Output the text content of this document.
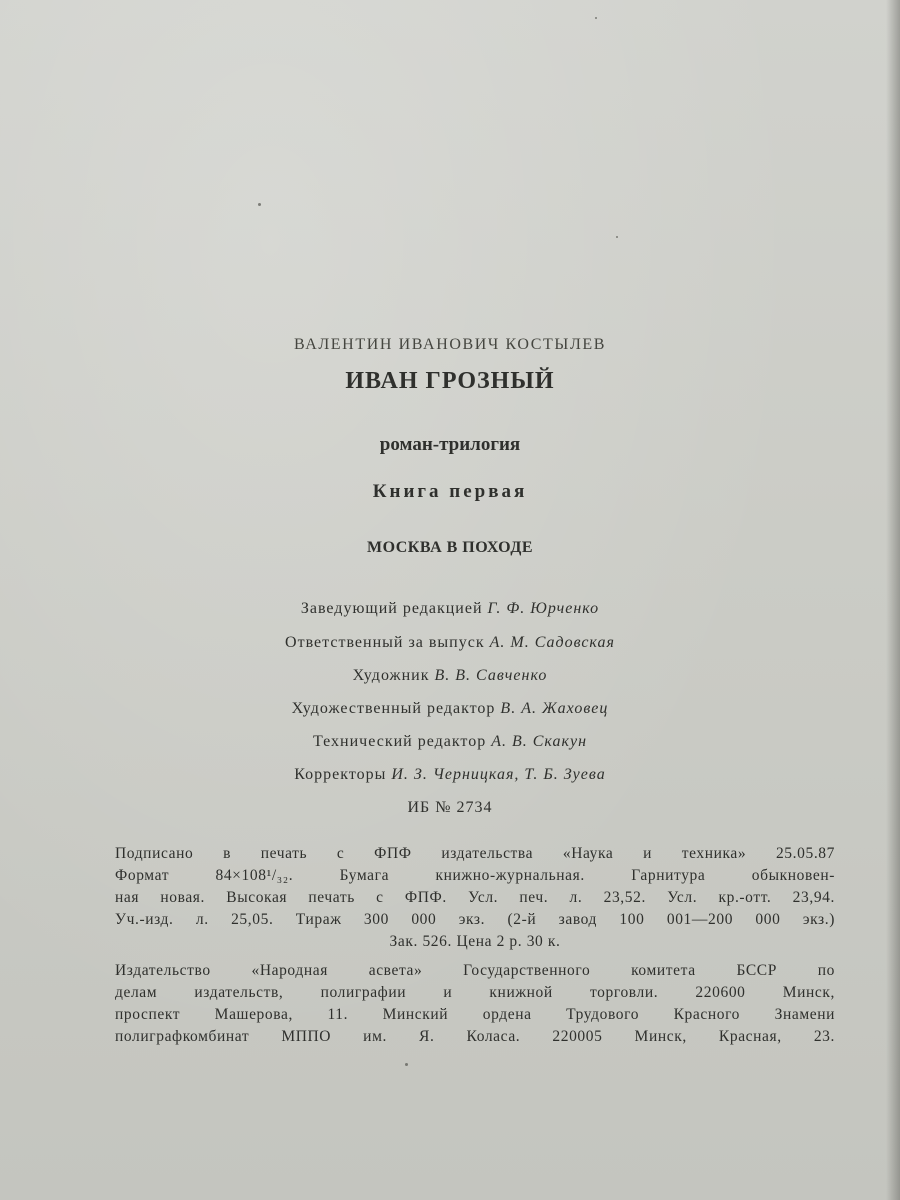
ВАЛЕНТИН ИВАНОВИЧ КОСТЫЛЕВ
ИВАН ГРОЗНЫЙ
роман-трилогия
Книга первая
МОСКВА В ПОХОДЕ
Заведующий редакцией Г. Ф. Юрченко
Ответственный за выпуск А. М. Садовская
Художник В. В. Савченко
Художественный редактор В. А. Жаховец
Технический редактор А. В. Скакун
Корректоры И. З. Черницкая, Т. Б. Зуева
ИБ № 2734
Подписано в печать с ФПФ издательства «Наука и техника» 25.05.87
Формат 84×108¹/₃₂. Бумага книжно-журнальная. Гарнитура обыкновен-
ная новая. Высокая печать с ФПФ. Усл. печ. л. 23,52. Усл. кр.-отт. 23,94.
Уч.-изд. л. 25,05. Тираж 300 000 экз. (2-й завод 100 001—200 000 экз.)
Зак. 526. Цена 2 р. 30 к.
Издательство «Народная асвета» Государственного комитета БССР по
делам издательств, полиграфии и книжной торговли. 220600 Минск,
проспект Машерова, 11. Минский ордена Трудового Красного Знамени
полиграфкомбинат МППО им. Я. Коласа. 220005 Минск, Красная, 23.
